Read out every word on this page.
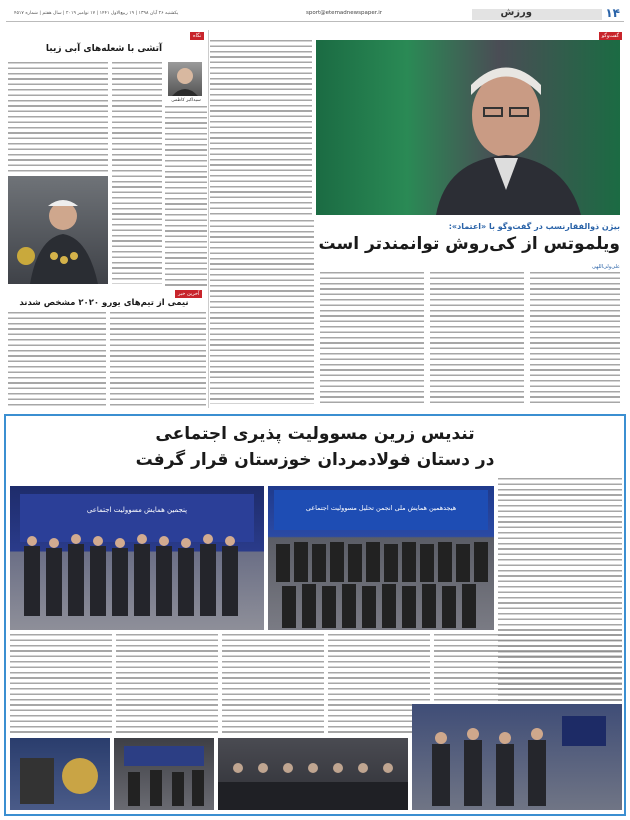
۱۴
ورزش
sport@etemadnewspaper.ir
یکشنبه ۲۶ آبان ۱۳۹۸ | ۱۹ ربیع‌الاول ۱۴۴۱ | ۱۷ نوامبر ۲۰۱۹ | سال هفتم | شماره ۴۵۱۷
گفت‌وگو
بیژن ذوالفقارنسب در گفت‌وگو با «اعتماد»:
ویلموتس از کی‌روش توانمندتر است
علی‌ولی‌اللهی
نگاه
آتشی با شعله‌های آبی زیبا
سید‌اکبر کاظمی
آخرین خبر
نیمی از تیم‌های یورو ۲۰۲۰ مشخص شدند
تندیس زرین مسوولیت پذیری اجتماعی
در دستان فولادمردان خوزستان قرار گرفت
پنجمین همایش مسوولیت اجتماعی	هیجدهمین همایش ملی انجمن تحلیل مسوولیت اجتماعی
